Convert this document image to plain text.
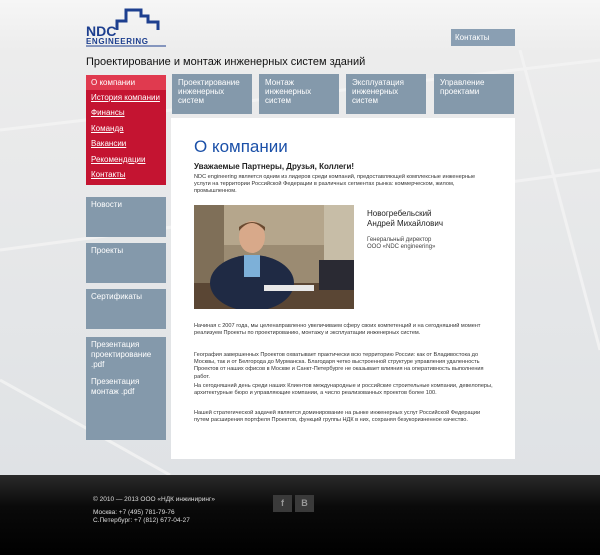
NDC
ENGINEERING	Контакты
Проектирование и монтаж инженерных систем зданий
О компании
История компании
Финансы
Команда
Вакансии
Рекомендации
Контакты
Новости
Проекты
Сертификаты
Презентация проектирование .pdf
Презентация монтаж .pdf
Проектирование инженерных систем
Монтаж инженерных систем
Эксплуатация инженерных систем
Управление проектами
О компании
Уважаемые Партнеры, Друзья, Коллеги!
NDC engineering является одним из лидеров среди компаний, предоставляющей комплексные инженерные услуги на территории Российской Федерации в различных сегментах рынка: коммерческом, жилом, промышленном.
Новогребельский
Андрей Михайлович
Генеральный директор
ООО «NDC engineering»
Начиная с 2007 года, мы целенаправленно увеличиваем сферу своих компетенций и на сегодняшний момент реализуем Проекты по проектированию, монтажу и эксплуатации инженерных систем.
География завершенных Проектов охватывает практически всю территорию России: как от Владивостока до Москвы, так и от Белгорода до Мурманска. Благодаря четко выстроенной структуре управления удаленность Проектов от наших офисов в Москве и Санкт-Петербурге не оказывает влияния на оперативность выполнения работ.
На сегодняшний день среди наших Клиентов международные и российские строительные компании, девелоперы, архитектурные бюро и управляющие компании, а число реализованных проектов более 100.
Нашей стратегической задачей является доминирование на рынке инженерных услуг Российской Федерации путем расширения портфеля Проектов, функций группы НДК в них, сохраняя безукоризненное качество.
© 2010 — 2013 ООО «НДК инжиниринг»
Москва: +7 (495) 781-79-76
С.Петербург: +7 (812) 677-04-27
f	В
